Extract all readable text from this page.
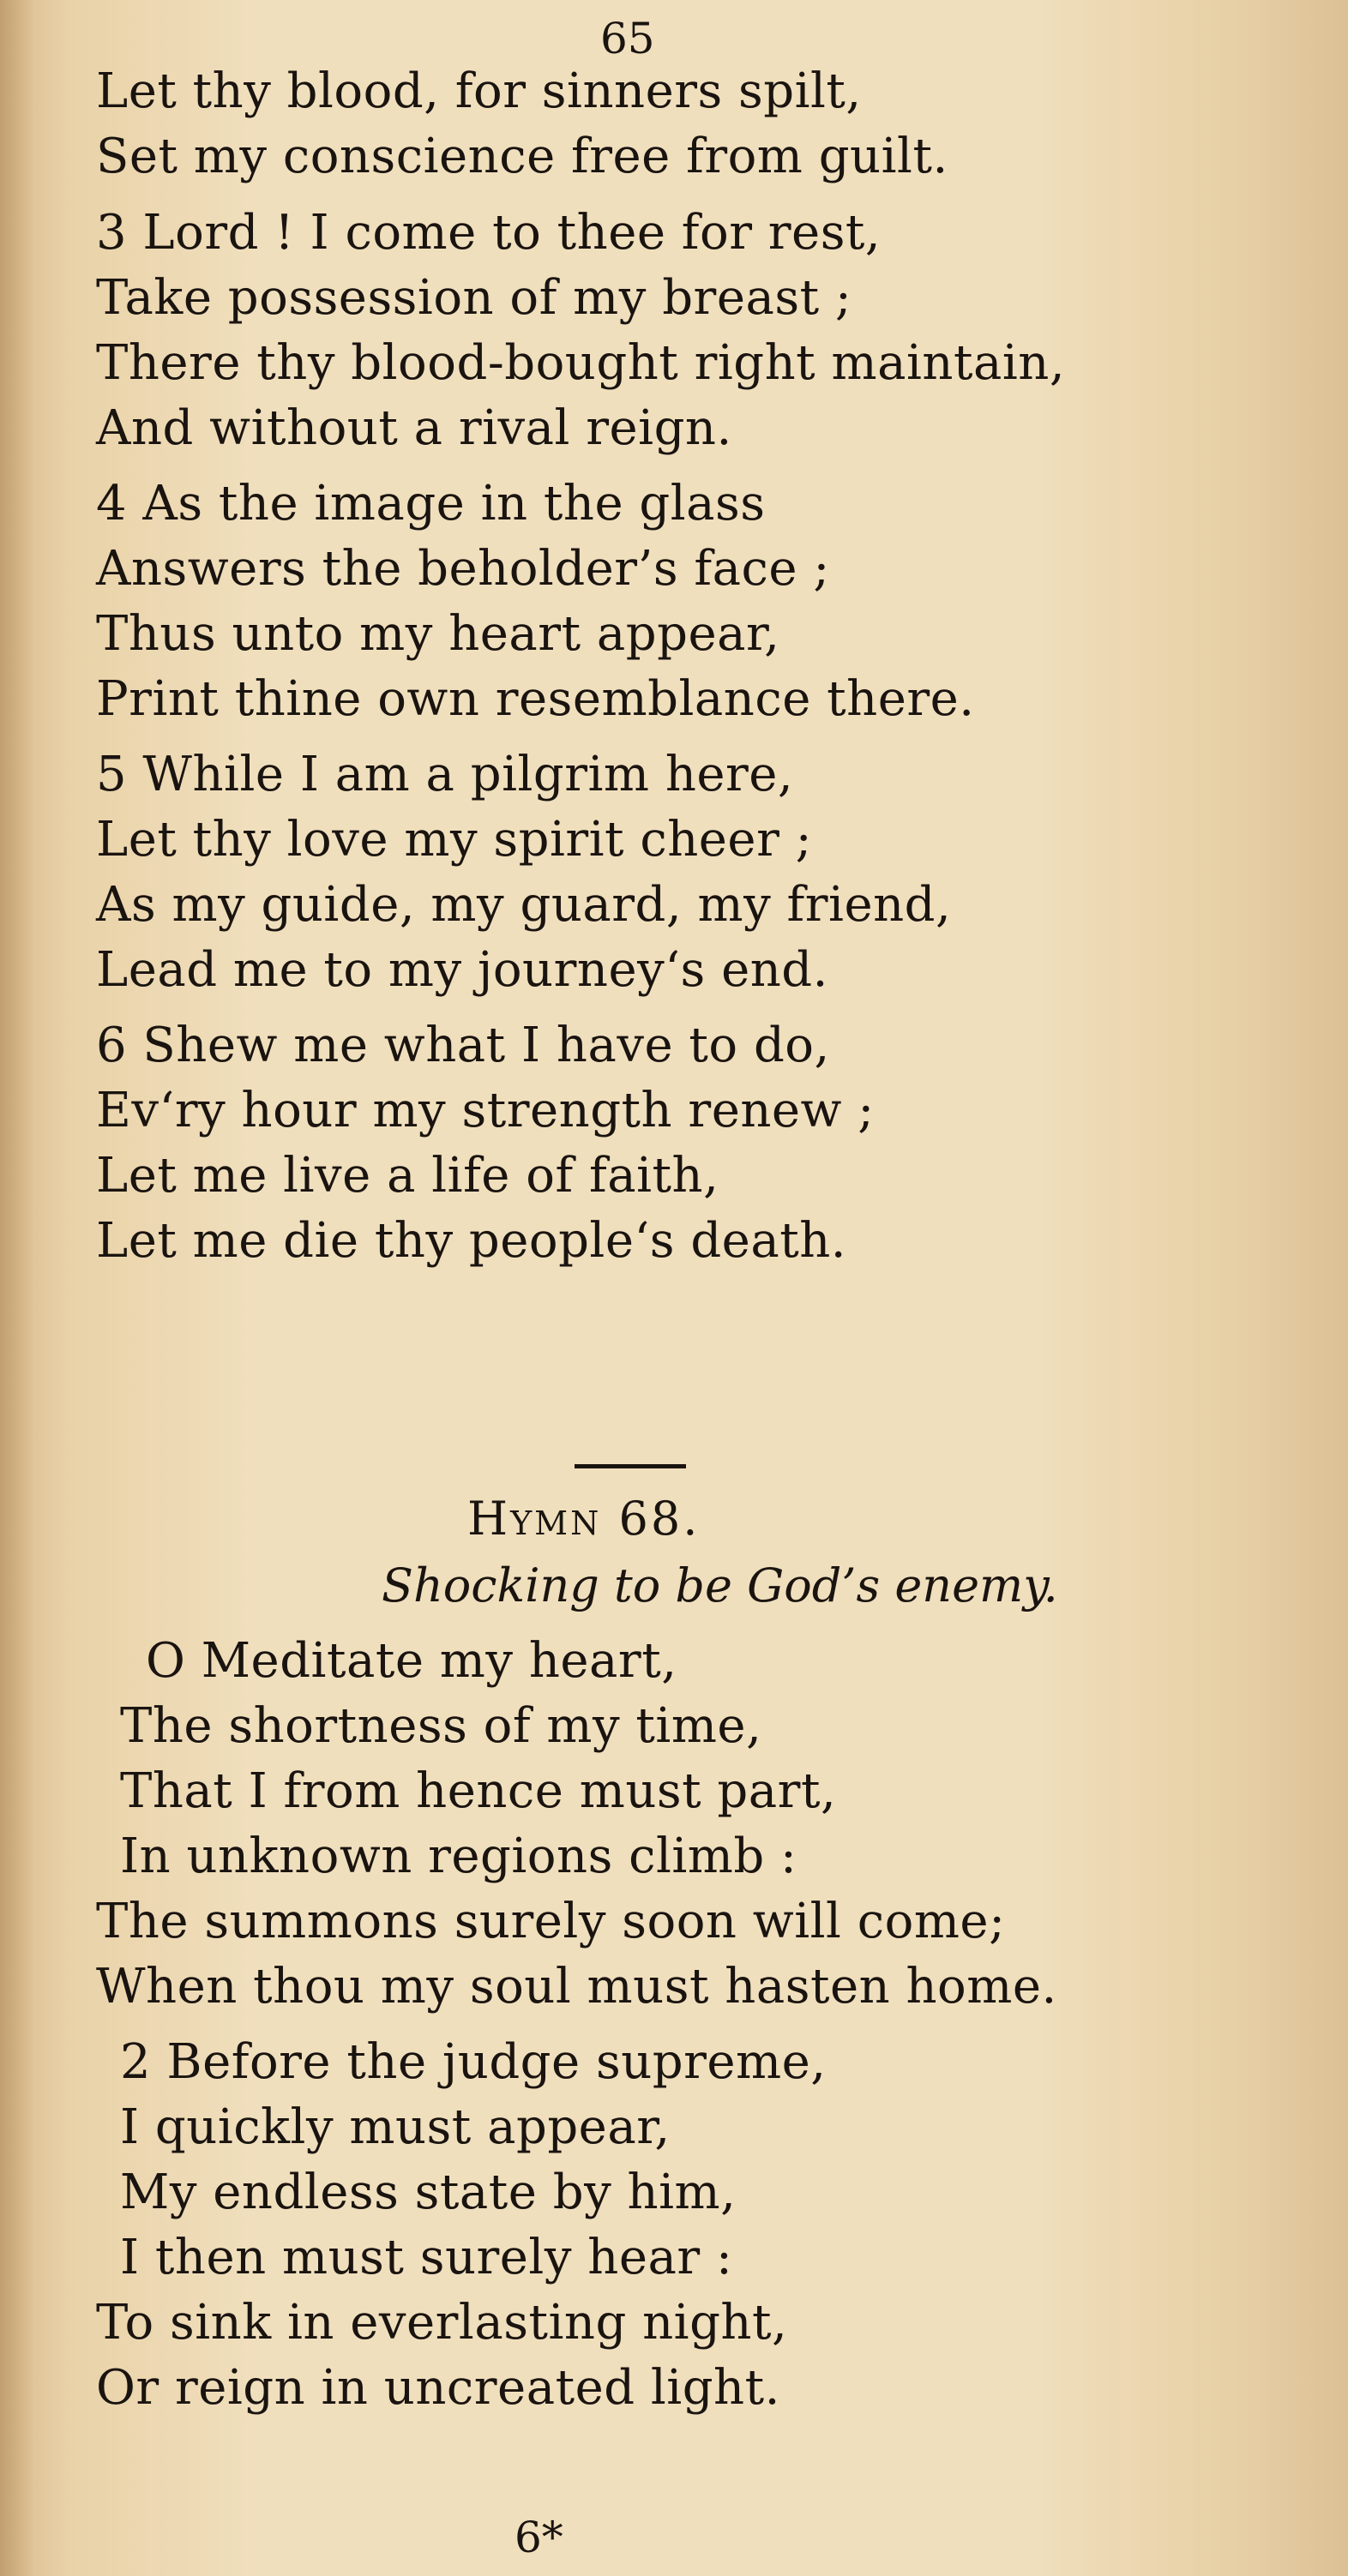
65
Let thy blood, for sinners spilt,
Set my conscience free from guilt.
3 Lord ! I come to thee for rest,
Take possession of my breast ;
There thy blood-bought right maintain,
And without a rival reign.
4 As the image in the glass
Answers the beholder’s face ;
Thus unto my heart appear,
Print thine own resemblance there.
5 While I am a pilgrim here,
Let thy love my spirit cheer ;
As my guide, my guard, my friend,
Lead me to my journey‘s end.
6 Shew me what I have to do,
Ev‘ry hour my strength renew ;
Let me live a life of faith,
Let me die thy people‘s death.
Hymn 68.
Shocking to be God’s enemy.
O Meditate my heart,
The shortness of my time,
That I from hence must part,
In unknown regions climb :
The summons surely soon will come;
When thou my soul must hasten home.
2 Before the judge supreme,
I quickly must appear,
My endless state by him,
I then must surely hear :
To sink in everlasting night,
Or reign in uncreated light.
6*
